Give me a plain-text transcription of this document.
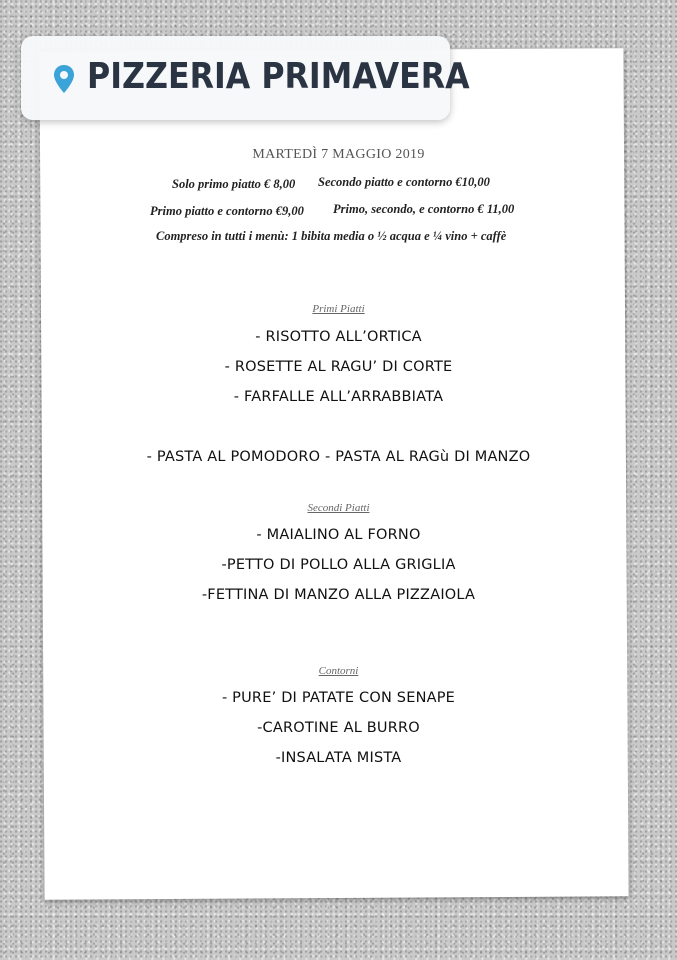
PIZZERIA PRIMAVERA
MARTEDÌ 7 MAGGIO 2019
Solo primo piatto € 8,00 Secondo piatto e contorno €10,00
Primo piatto e contorno €9,00 Primo, secondo, e contorno € 11,00
Compreso in tutti i menù: 1 bibita media o ½ acqua e ¼ vino + caffè
Primi Piatti
- RISOTTO ALL’ORTICA
- ROSETTE AL RAGU’ DI CORTE
- FARFALLE ALL’ARRABBIATA
- PASTA AL POMODORO - PASTA AL RAGù DI MANZO
Secondi Piatti
- MAIALINO AL FORNO
-PETTO DI POLLO ALLA GRIGLIA
-FETTINA DI MANZO ALLA PIZZAIOLA
Contorni
- PURE’ DI PATATE CON SENAPE
-CAROTINE AL BURRO
-INSALATA MISTA
